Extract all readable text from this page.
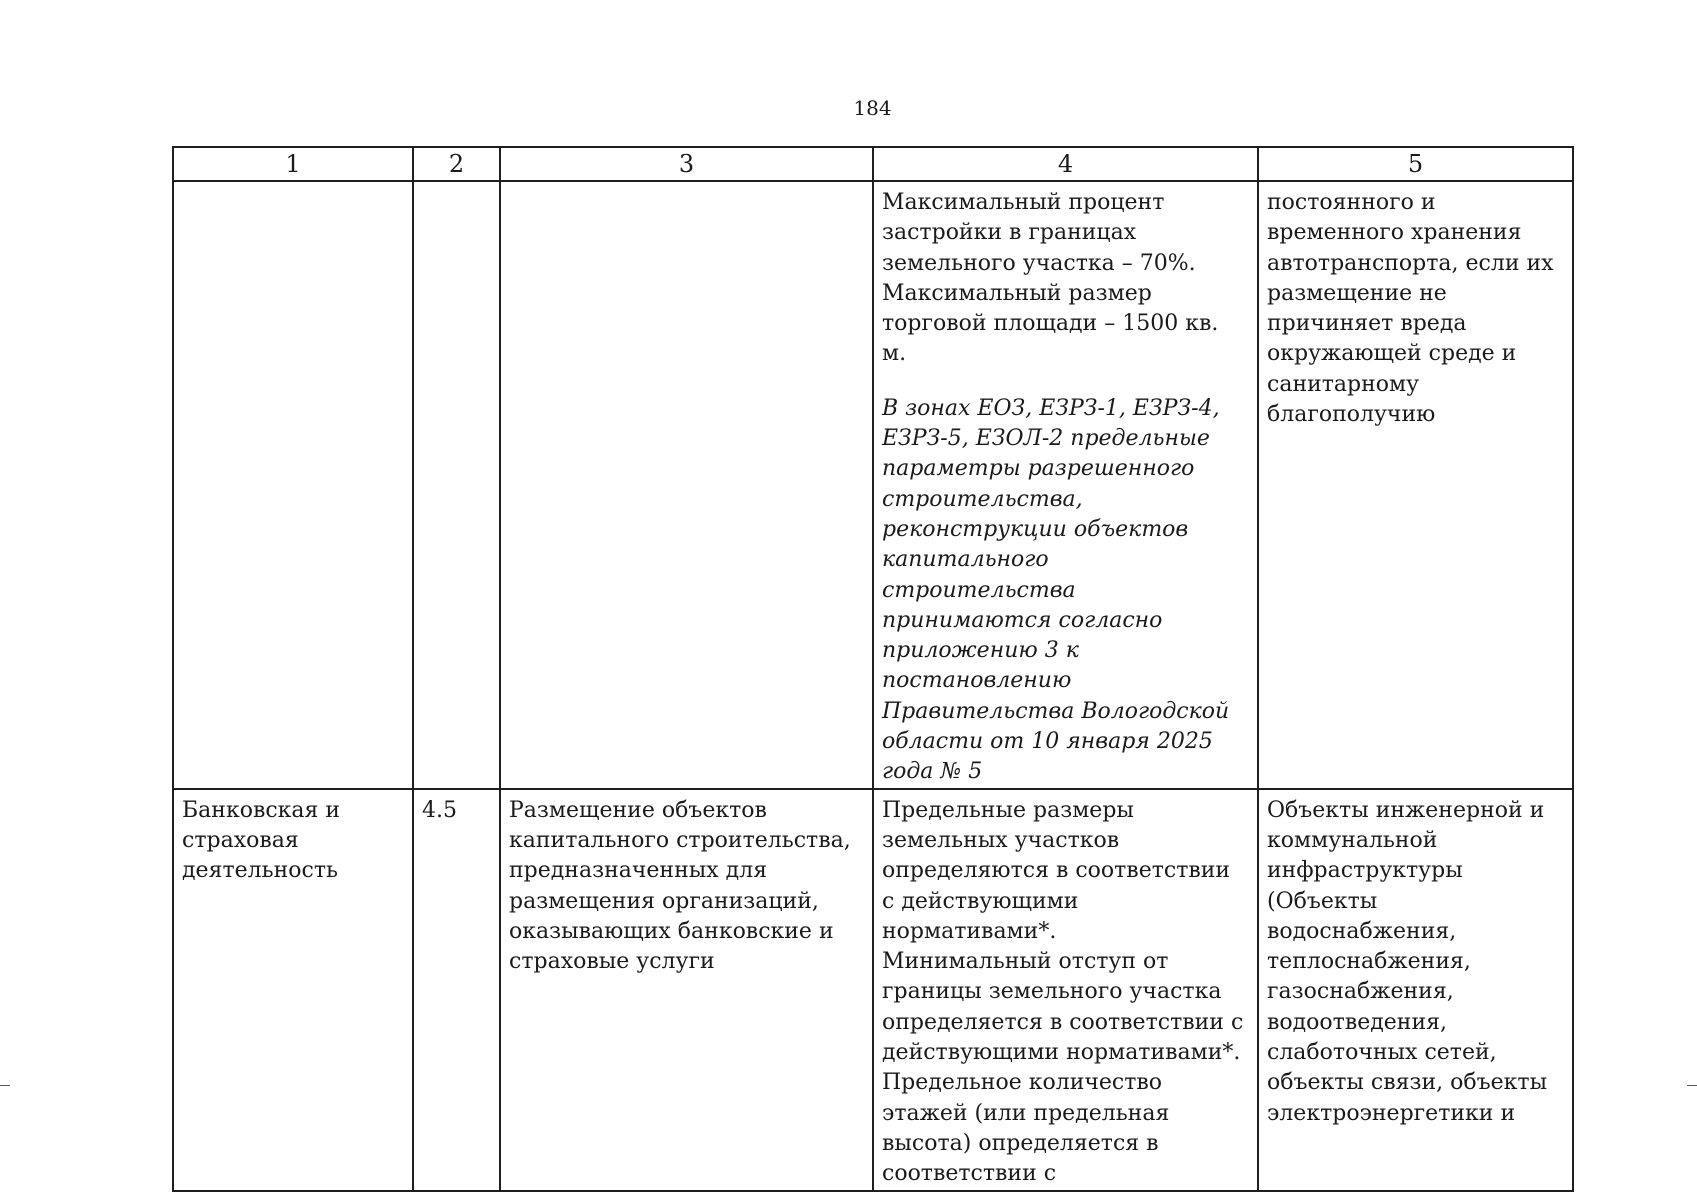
184
1	2	3	4	5

			Максимальный процент застройки в границах земельного участка – 70%.

Максимальный размер торговой площади – 1500 кв. м.

В зонах ЕОЗ, ЕЗРЗ-1, ЕЗРЗ-4, ЕЗРЗ-5, ЕЗОЛ-2 предельные параметры разрешенного строительства, реконструкции объектов капитального строительства принимаются согласно приложению 3 к постановлению Правительства Вологодской области от 10 января 2025 года № 5	постоянного и временного хранения автотранспорта, если их размещение не причиняет вреда окружающей среде и санитарному благополучию
Банковская и страховая деятельность	4.5	Размещение объектов капитального строительства, предназначенных для размещения организаций, оказывающих банковские и страховые услуги	Предельные размеры земельных участков определяются в соответствии с действующими нормативами*.

Минимальный отступ от границы земельного участка определяется в соответствии с действующими нормативами*.

Предельное количество этажей (или предельная высота) определяется в соответствии с	Объекты инженерной и коммунальной инфраструктуры (Объекты водоснабжения, теплоснабжения, газоснабжения, водоотведения, слаботочных сетей, объекты связи, объекты электроэнергетики и
